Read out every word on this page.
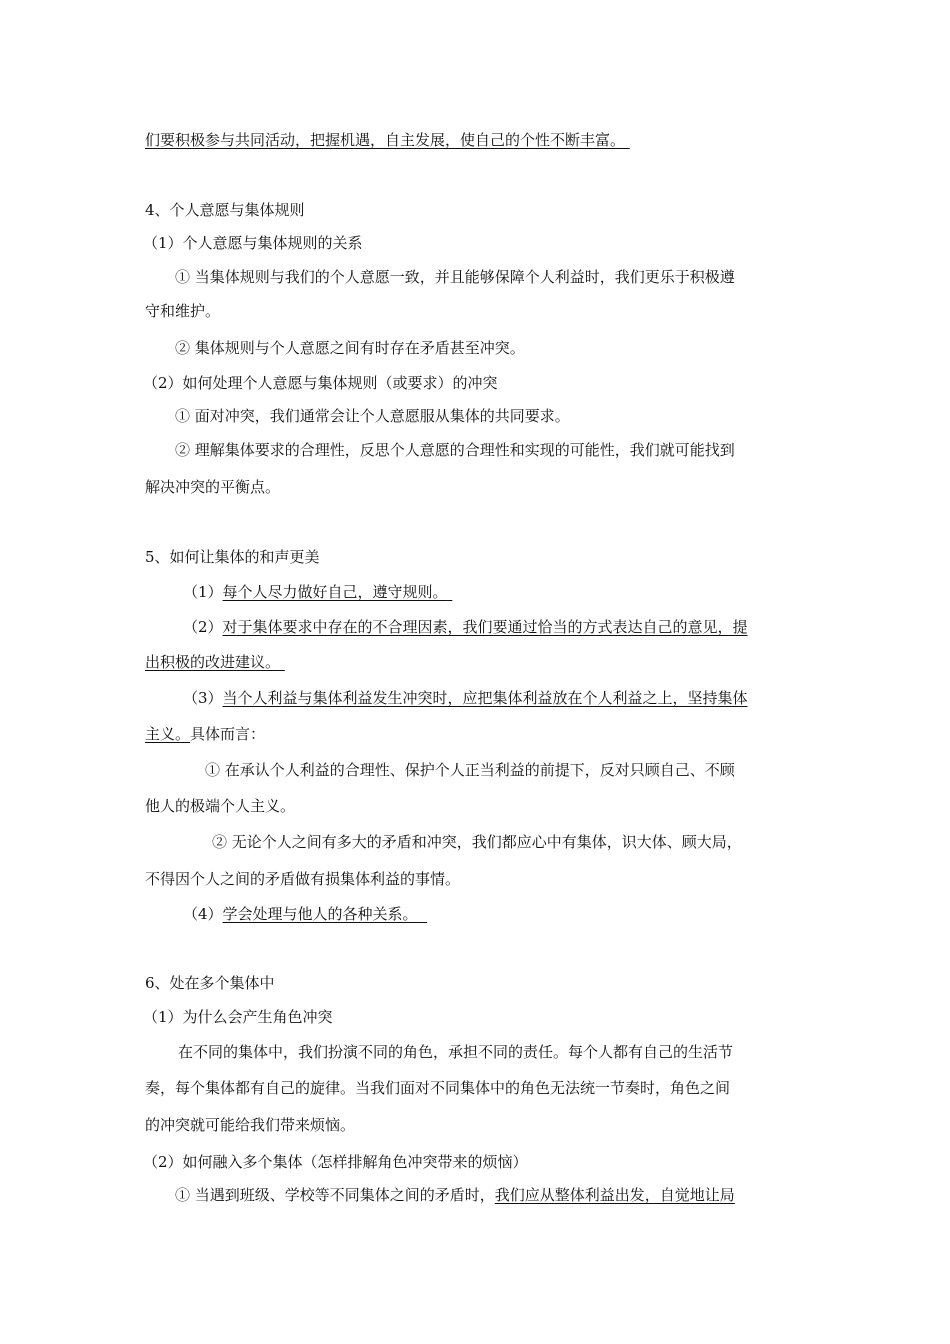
们要积极参与共同活动，把握机遇，自主发展，使自己的个性不断丰富。
4、个人意愿与集体规则
（1）个人意愿与集体规则的关系
① 当集体规则与我们的个人意愿一致，并且能够保障个人利益时，我们更乐于积极遵
守和维护。
② 集体规则与个人意愿之间有时存在矛盾甚至冲突。
（2）如何处理个人意愿与集体规则（或要求）的冲突
① 面对冲突，我们通常会让个人意愿服从集体的共同要求。
② 理解集体要求的合理性，反思个人意愿的合理性和实现的可能性，我们就可能找到
解决冲突的平衡点。
5、如何让集体的和声更美
（1）每个人尽力做好自己，遵守规则。
（2）对于集体要求中存在的不合理因素，我们要通过恰当的方式表达自己的意见，提
出积极的改进建议。
（3）当个人利益与集体利益发生冲突时，应把集体利益放在个人利益之上，坚持集体
主义。具体而言：
① 在承认个人利益的合理性、保护个人正当利益的前提下，反对只顾自己、不顾
他人的极端个人主义。
② 无论个人之间有多大的矛盾和冲突，我们都应心中有集体，识大体、顾大局，
不得因个人之间的矛盾做有损集体利益的事情。
（4）学会处理与他人的各种关系。
6、处在多个集体中
（1）为什么会产生角色冲突
在不同的集体中，我们扮演不同的角色，承担不同的责任。每个人都有自己的生活节
奏，每个集体都有自己的旋律。当我们面对不同集体中的角色无法统一节奏时，角色之间
的冲突就可能给我们带来烦恼。
（2）如何融入多个集体（怎样排解角色冲突带来的烦恼）
① 当遇到班级、学校等不同集体之间的矛盾时，我们应从整体利益出发，自觉地让局
